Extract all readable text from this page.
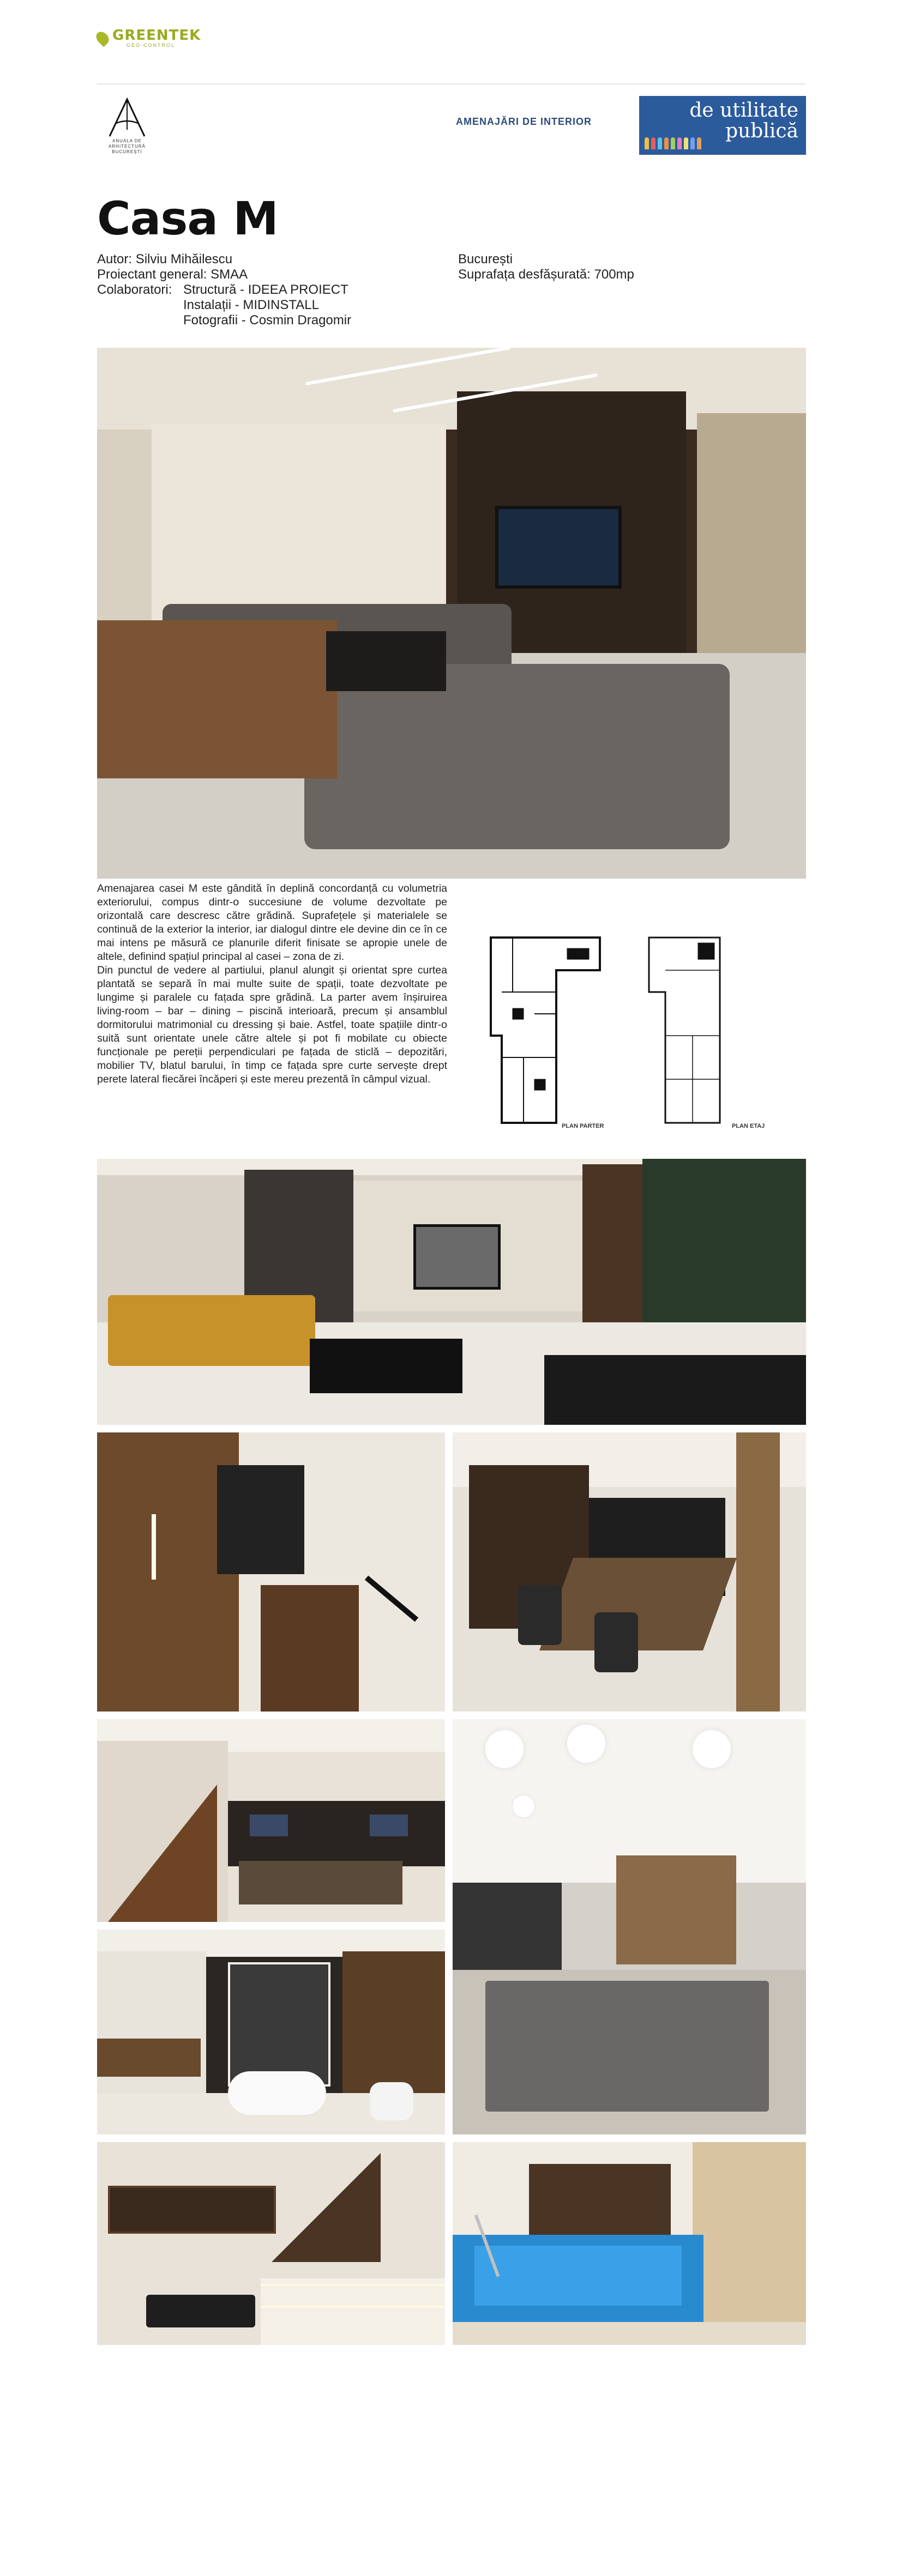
GREENTEK
GEO-CONTROL
ANUALA DE ARHITECTURĂ
BUCUREȘTI
AMENAJĂRI DE INTERIOR	de utilitate
publică
Casa M
Autor: Silviu Mihăilescu
Proiectant general: SMAA
Colaboratori: Structură - IDEEA PROIECT
Instalații - MIDINSTALL
Fotografii - Cosmin Dragomir
București
Suprafața desfășurată: 700mp

Amenajarea casei M este gândită în deplină concordanță cu volumetria exteriorului, compus dintr-o succesiune de volume dezvoltate pe orizontală care descresc către grădină. Suprafețele și materialele se continuă de la exterior la interior, iar dialogul dintre ele devine din ce în ce mai intens pe măsură ce planurile diferit finisate se apropie unele de altele, definind spațiul principal al casei – zona de zi.

Din punctul de vedere al partiului, planul alungit și orientat spre curtea plantată se separă în mai multe suite de spații, toate dezvoltate pe lungime și paralele cu fațada spre grădină. La parter avem înșiruirea living-room – bar – dining – piscină interioară, precum și ansamblul dormitorului matrimonial cu dressing și baie. Astfel, toate spațiile dintr-o suită sunt orientate unele către altele și pot fi mobilate cu obiecte funcționale pe pereții perpendiculari pe fațada de sticlă – depozitări, mobilier TV, blatul barului, în timp ce fațada spre curte servește drept perete lateral fiecărei încăperi și este mereu prezentă în câmpul vizual.

PLAN PARTER	PLAN ETAJ
